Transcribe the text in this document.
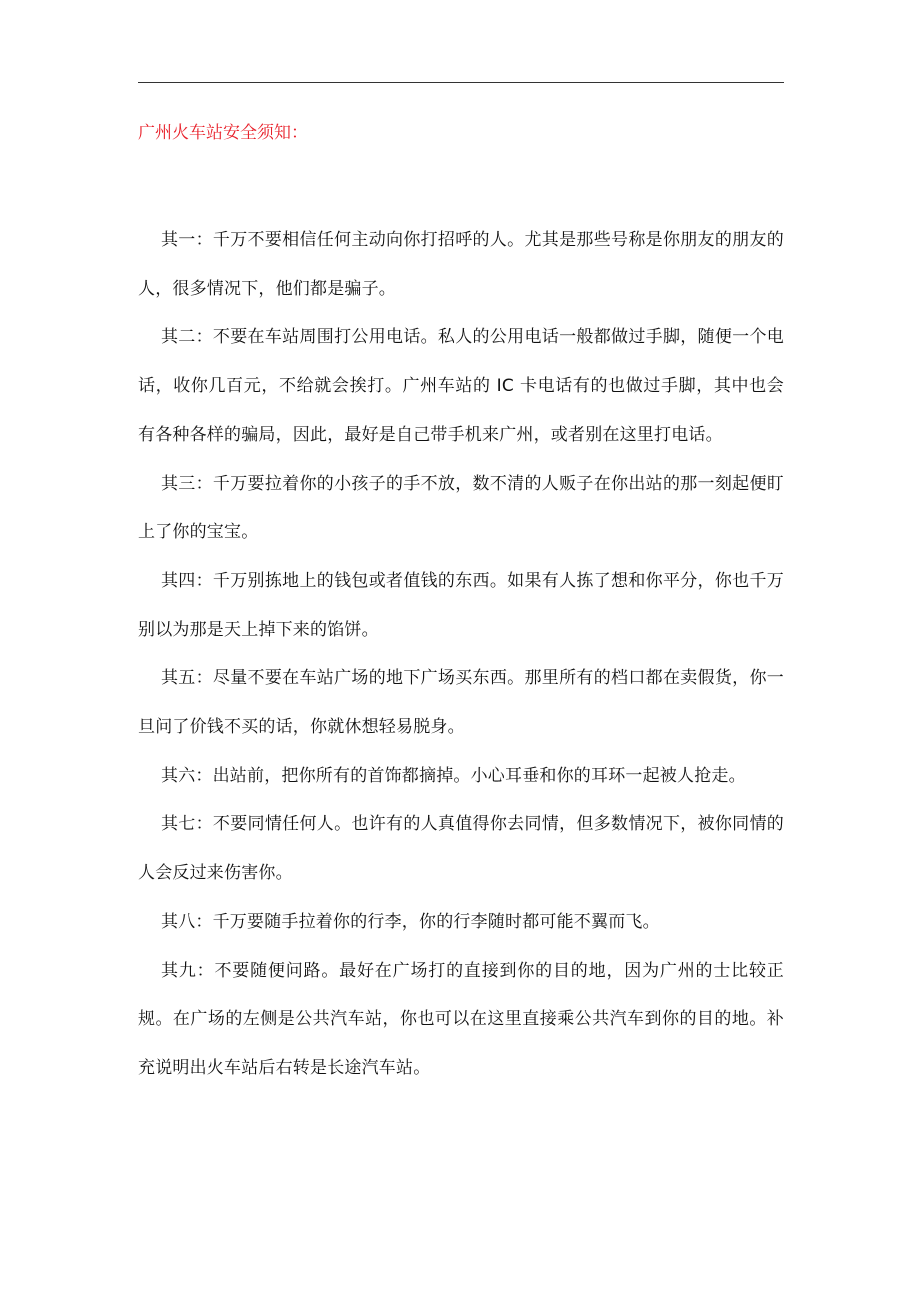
广州火车站安全须知：

其一：千万不要相信任何主动向你打招呼的人。尤其是那些号称是你朋友的朋友的人，很多情况下，他们都是骗子。

其二：不要在车站周围打公用电话。私人的公用电话一般都做过手脚，随便一个电话，收你几百元，不给就会挨打。广州车站的 IC 卡电话有的也做过手脚，其中也会有各种各样的骗局，因此，最好是自己带手机来广州，或者别在这里打电话。

其三：千万要拉着你的小孩子的手不放，数不清的人贩子在你出站的那一刻起便盯上了你的宝宝。

其四：千万别拣地上的钱包或者值钱的东西。如果有人拣了想和你平分，你也千万别以为那是天上掉下来的馅饼。

其五：尽量不要在车站广场的地下广场买东西。那里所有的档口都在卖假货，你一旦问了价钱不买的话，你就休想轻易脱身。

其六：出站前，把你所有的首饰都摘掉。小心耳垂和你的耳环一起被人抢走。

其七：不要同情任何人。也许有的人真值得你去同情，但多数情况下，被你同情的人会反过来伤害你。

其八：千万要随手拉着你的行李，你的行李随时都可能不翼而飞。

其九：不要随便问路。最好在广场打的直接到你的目的地，因为广州的士比较正规。在广场的左侧是公共汽车站，你也可以在这里直接乘公共汽车到你的目的地。补充说明出火车站后右转是长途汽车站。
